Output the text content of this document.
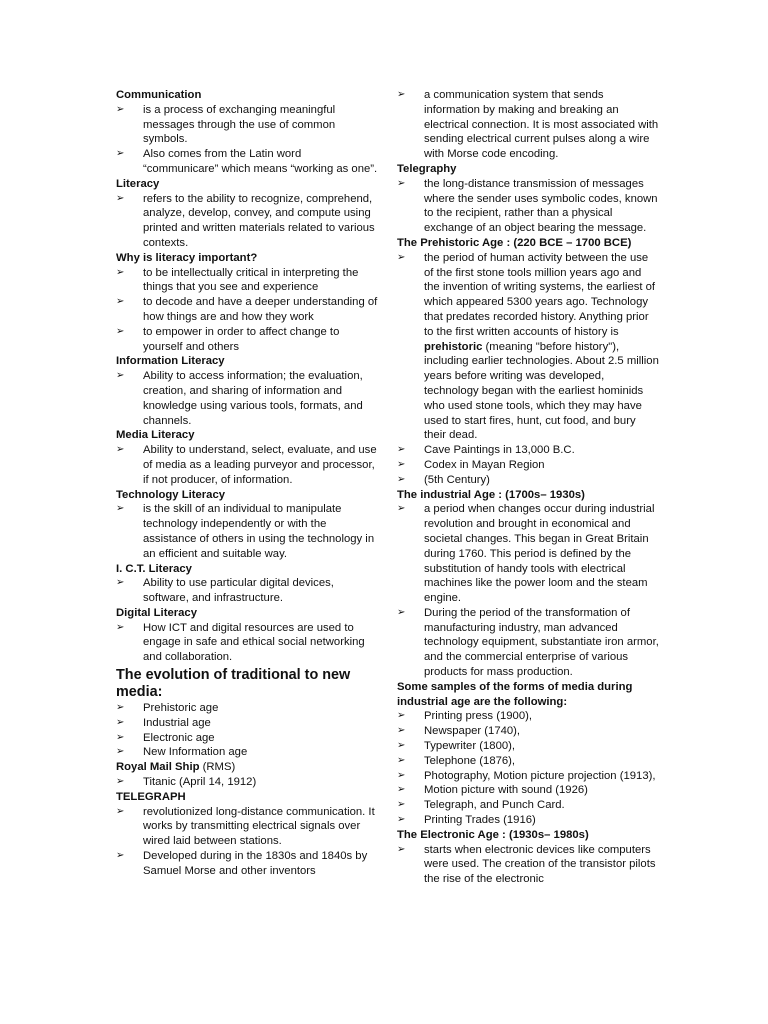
Communication
➢ is a process of exchanging meaningful messages through the use of common symbols.
➢ Also comes from the Latin word “communicare” which means “working as one”.
Literacy
➢ refers to the ability to recognize, comprehend, analyze, develop, convey, and compute using printed and written materials related to various contexts.
Why is literacy important?
➢ to be intellectually critical in interpreting the things that you see and experience
➢ to decode and have a deeper understanding of how things are and how they work
➢ to empower in order to affect change to yourself and others
Information Literacy
➢ Ability to access information; the evaluation, creation, and sharing of information and knowledge using various tools, formats, and channels.
Media Literacy
➢ Ability to understand, select, evaluate, and use of media as a leading purveyor and processor, if not producer, of information.
Technology Literacy
➢ is the skill of an individual to manipulate technology independently or with the assistance of others in using the technology in an efficient and suitable way.
I. C.T. Literacy
➢ Ability to use particular digital devices, software, and infrastructure.
Digital Literacy
➢ How ICT and digital resources are used to engage in safe and ethical social networking and collaboration.
The evolution of traditional to new media:
➢ Prehistoric age
➢ Industrial age
➢ Electronic age
➢ New Information age
Royal Mail Ship (RMS)
➢ Titanic (April 14, 1912)
TELEGRAPH
➢ revolutionized long-distance communication. It works by transmitting electrical signals over wired laid between stations.
➢ Developed during in the 1830s and 1840s by Samuel Morse and other inventors
➢ a communication system that sends information by making and breaking an electrical connection. It is most associated with sending electrical current pulses along a wire with Morse code encoding.
Telegraphy
➢ the long-distance transmission of messages where the sender uses symbolic codes, known to the recipient, rather than a physical exchange of an object bearing the message.
The Prehistoric Age : (220 BCE – 1700 BCE)
➢ the period of human activity between the use of the first stone tools million years ago and the invention of writing systems, the earliest of which appeared 5300 years ago. Technology that predates recorded history. Anything prior to the first written accounts of history is prehistoric (meaning "before history"), including earlier technologies. About 2.5 million years before writing was developed, technology began with the earliest hominids who used stone tools, which they may have used to start fires, hunt, cut food, and bury their dead.
➢ Cave Paintings in 13,000 B.C.
➢ Codex in Mayan Region
➢ (5th Century)
The industrial Age : (1700s– 1930s)
➢ a period when changes occur during industrial revolution and brought in economical and societal changes. This began in Great Britain during 1760. This period is defined by the substitution of handy tools with electrical machines like the power loom and the steam engine.
➢ During the period of the transformation of manufacturing industry, man advanced technology equipment, substantiate iron armor, and the commercial enterprise of various products for mass production.
Some samples of the forms of media during industrial age are the following:
➢ Printing press (1900),
➢ Newspaper (1740),
➢ Typewriter (1800),
➢ Telephone (1876),
➢ Photography, Motion picture projection (1913),
➢ Motion picture with sound (1926)
➢ Telegraph, and Punch Card.
➢ Printing Trades (1916)
The Electronic Age : (1930s– 1980s)
➢ starts when electronic devices like computers were used. The creation of the transistor pilots the rise of the electronic
